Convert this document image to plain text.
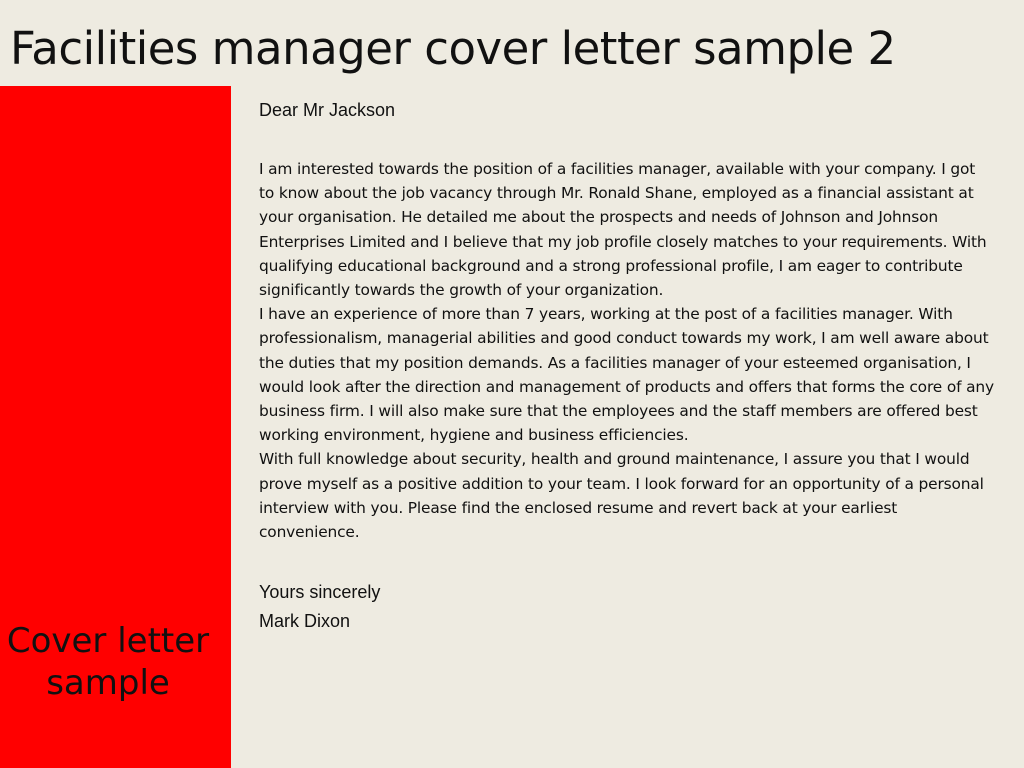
Facilities manager cover letter sample 2
Cover letter sample

Dear Mr Jackson

I am interested towards the position of a facilities manager, available with your company. I got to know about the job vacancy through Mr. Ronald Shane, employed as a financial assistant at your organisation. He detailed me about the prospects and needs of Johnson and Johnson Enterprises Limited and I believe that my job profile closely matches to your requirements. With qualifying educational background and a strong professional profile, I am eager to contribute significantly towards the growth of your organization.

I have an experience of more than 7 years, working at the post of a facilities manager. With professionalism, managerial abilities and good conduct towards my work, I am well aware about the duties that my position demands. As a facilities manager of your esteemed organisation, I would look after the direction and management of products and offers that forms the core of any business firm. I will also make sure that the employees and the staff members are offered best working environment, hygiene and business efficiencies.

With full knowledge about security, health and ground maintenance, I assure you that I would prove myself as a positive addition to your team. I look forward for an opportunity of a personal interview with you. Please find the enclosed resume and revert back at your earliest convenience.

Yours sincerely
Mark Dixon
